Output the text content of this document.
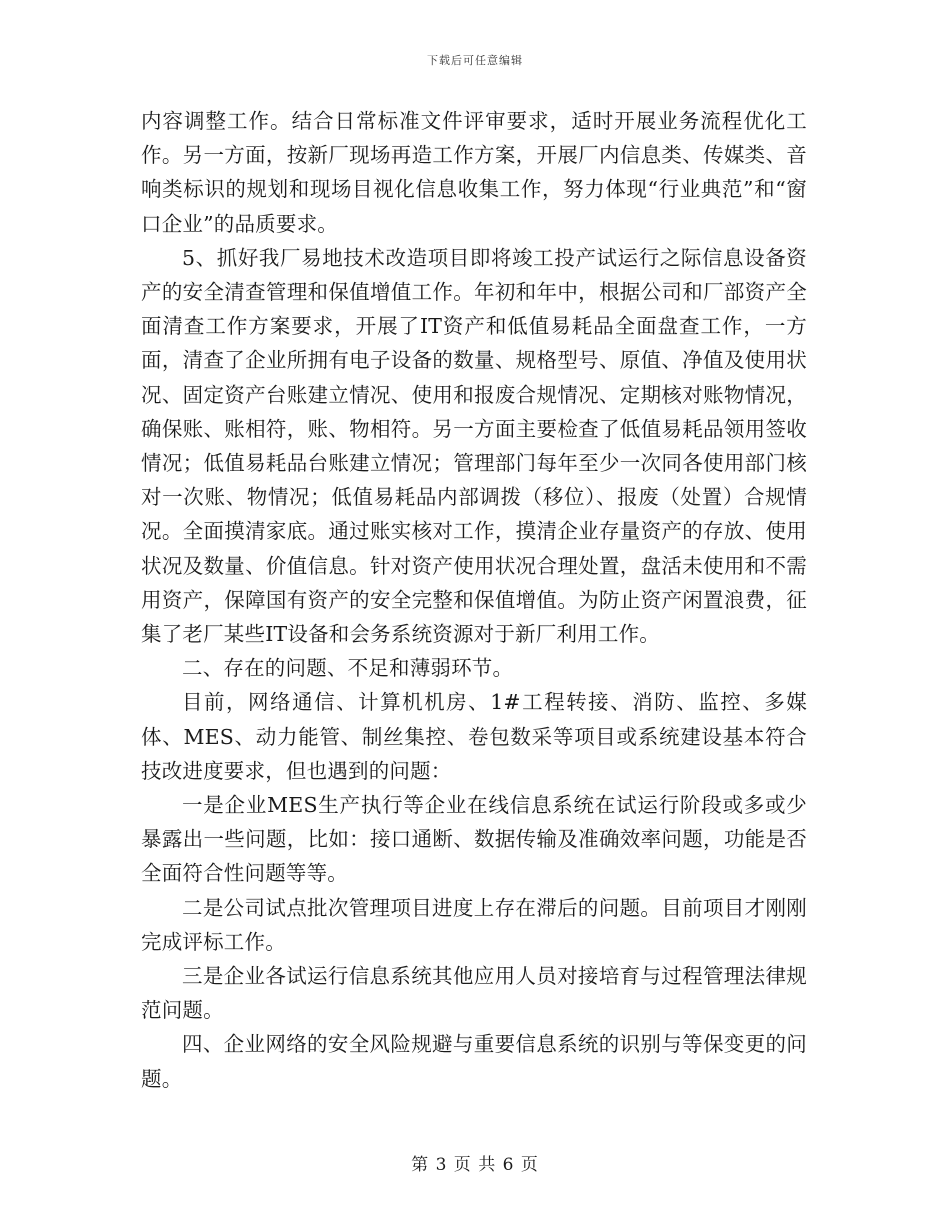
下载后可任意编辑

内容调整工作。结合日常标准文件评审要求，适时开展业务流程优化工作。另一方面，按新厂现场再造工作方案，开展厂内信息类、传媒类、音响类标识的规划和现场目视化信息收集工作，努力体现“行业典范”和“窗口企业”的品质要求。

5、抓好我厂易地技术改造项目即将竣工投产试运行之际信息设备资产的安全清查管理和保值增值工作。年初和年中，根据公司和厂部资产全面清查工作方案要求，开展了IT资产和低值易耗品全面盘查工作，一方面，清查了企业所拥有电子设备的数量、规格型号、原值、净值及使用状况、固定资产台账建立情况、使用和报废合规情况、定期核对账物情况，确保账、账相符，账、物相符。另一方面主要检查了低值易耗品领用签收情况；低值易耗品台账建立情况；管理部门每年至少一次同各使用部门核对一次账、物情况；低值易耗品内部调拨（移位）、报废（处置）合规情况。全面摸清家底。通过账实核对工作，摸清企业存量资产的存放、使用状况及数量、价值信息。针对资产使用状况合理处置，盘活未使用和不需用资产，保障国有资产的安全完整和保值增值。为防止资产闲置浪费，征集了老厂某些IT设备和会务系统资源对于新厂利用工作。

二、存在的问题、不足和薄弱环节。

目前，网络通信、计算机机房、1#工程转接、消防、监控、多媒体、MES、动力能管、制丝集控、卷包数采等项目或系统建设基本符合技改进度要求，但也遇到的问题：

一是企业MES生产执行等企业在线信息系统在试运行阶段或多或少暴露出一些问题，比如：接口通断、数据传输及准确效率问题，功能是否全面符合性问题等等。

二是公司试点批次管理项目进度上存在滞后的问题。目前项目才刚刚完成评标工作。

三是企业各试运行信息系统其他应用人员对接培育与过程管理法律规范问题。

四、企业网络的安全风险规避与重要信息系统的识别与等保变更的问题。

第 3 页 共 6 页
